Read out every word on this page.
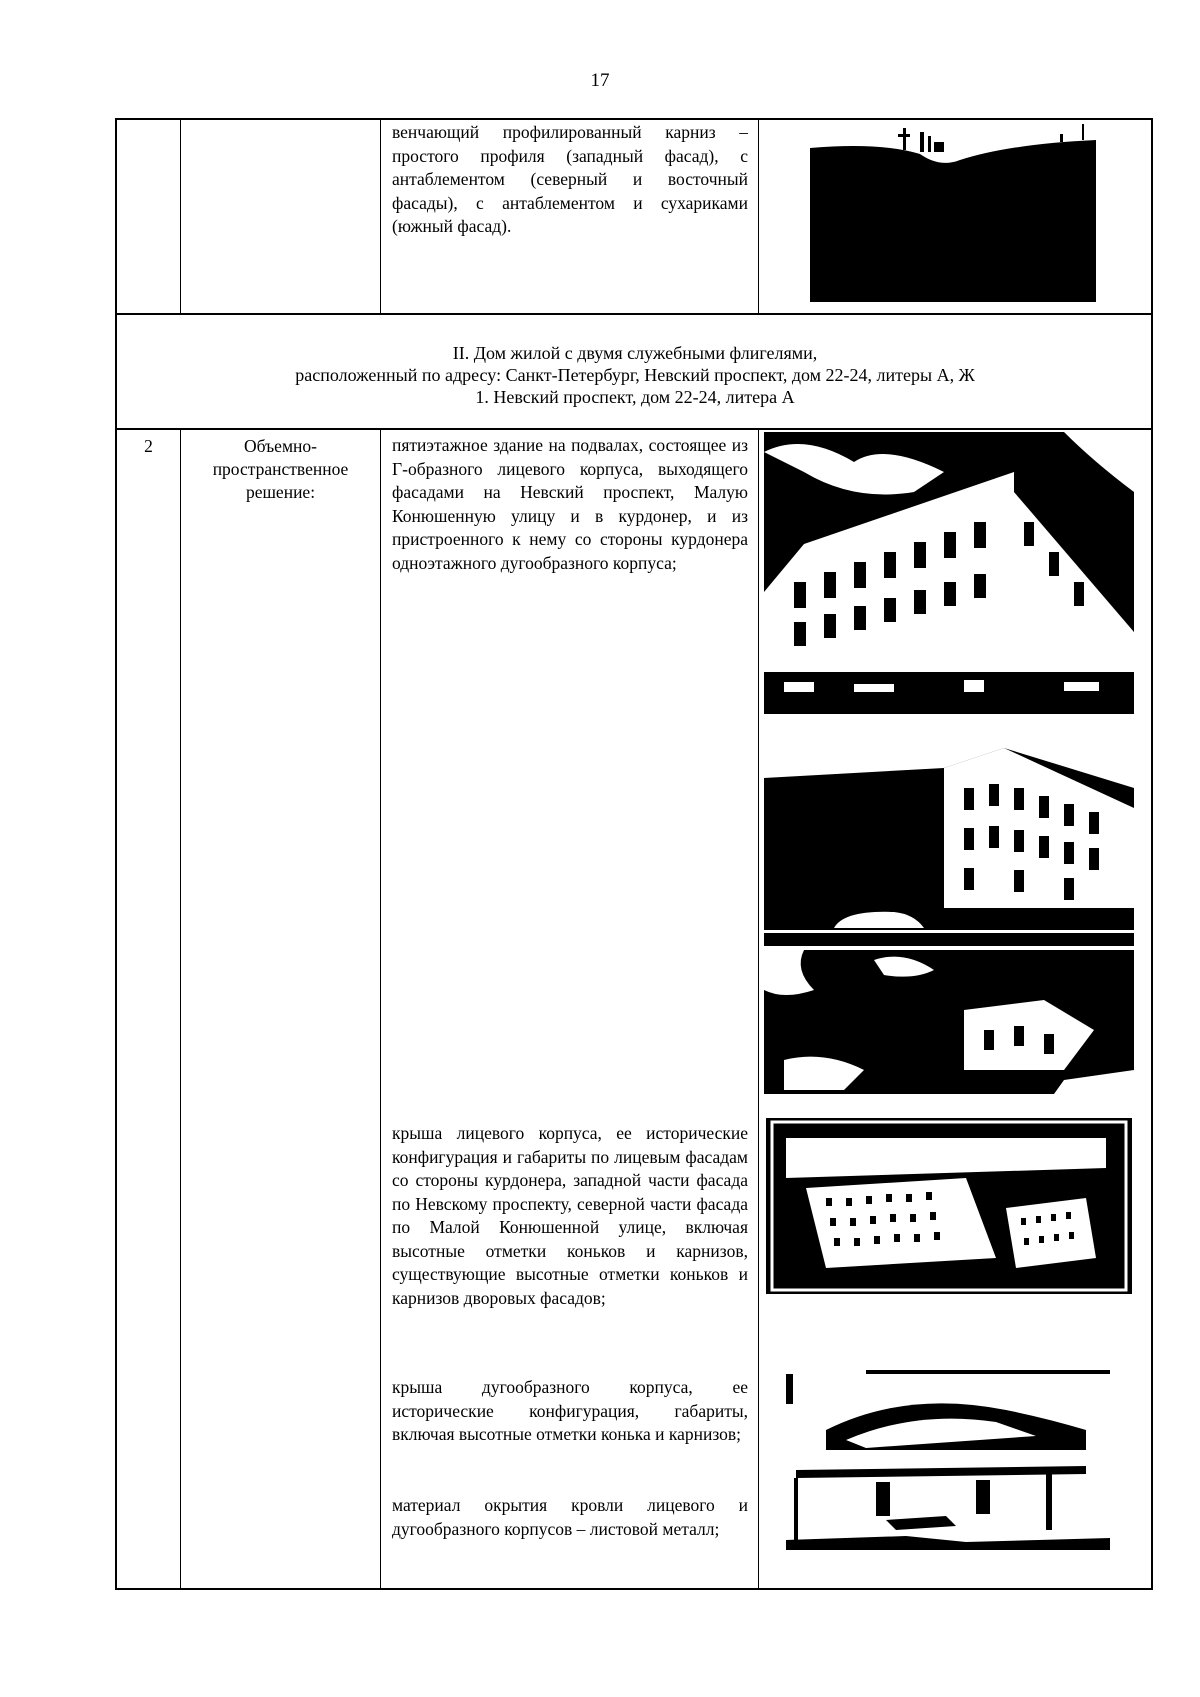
17
венчающий профилированный карниз – простого профиля (западный фасад), с антаблементом (северный и восточный фасады), с антаблементом и сухариками (южный фасад).
II. Дом жилой с двумя служебными флигелями,
расположенный по адресу: Санкт-Петербург, Невский проспект, дом 22-24, литеры А, Ж
1. Невский проспект, дом 22-24, литера А
2	Объемно-
пространственное
решение:
пятиэтажное здание на подвалах, состоящее из Г-образного лицевого корпуса, выходящего фасадами на Невский проспект, Малую Конюшенную улицу и в курдонер, и из пристроенного к нему со стороны курдонера одноэтажного дугообразного корпуса;
крыша лицевого корпуса, ее исторические конфигурация и габариты по лицевым фасадам со стороны курдонера, западной части фасада по Невскому проспекту, северной части фасада по Малой Конюшенной улице, включая высотные отметки коньков и карнизов, существующие высотные отметки коньков и карнизов дворовых фасадов;
крыша дугообразного корпуса, ее исторические конфигурация, габариты, включая высотные отметки конька и карнизов;
материал окрытия кровли лицевого и дугообразного корпусов – листовой металл;
